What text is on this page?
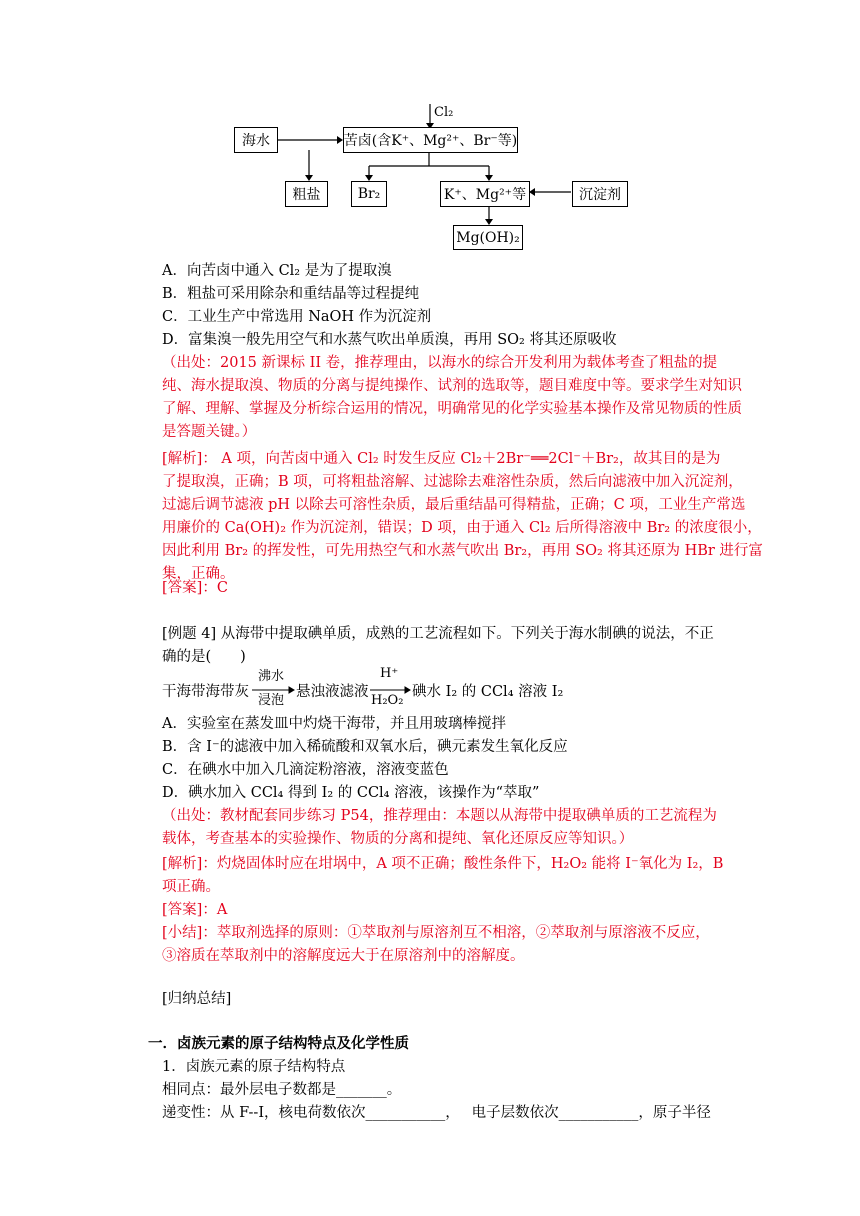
Cl₂
海水	苦卤(含K⁺、Mg²⁺、Br⁻等)
粗盐	Br₂	K⁺、Mg²⁺等	沉淀剂
Mg(OH)₂
A．向苦卤中通入 Cl₂ 是为了提取溴
B．粗盐可采用除杂和重结晶等过程提纯
C．工业生产中常选用 NaOH 作为沉淀剂
D．富集溴一般先用空气和水蒸气吹出单质溴，再用 SO₂ 将其还原吸收
（出处：2015 新课标 II 卷，推荐理由，以海水的综合开发利用为载体考查了粗盐的提
纯、海水提取溴、物质的分离与提纯操作、试剂的选取等，题目难度中等。要求学生对知识
了解、理解、掌握及分析综合运用的情况，明确常见的化学实验基本操作及常见物质的性质
是答题关键。）
[解析]： A 项，向苦卤中通入 Cl₂ 时发生反应 Cl₂＋2Br⁻══2Cl⁻＋Br₂，故其目的是为
了提取溴，正确；B 项，可将粗盐溶解、过滤除去难溶性杂质，然后向滤液中加入沉淀剂，
过滤后调节滤液 pH 以除去可溶性杂质，最后重结晶可得精盐，正确；C 项，工业生产常选
用廉价的 Ca(OH)₂ 作为沉淀剂，错误；D 项，由于通入 Cl₂ 后所得溶液中 Br₂ 的浓度很小，
因此利用 Br₂ 的挥发性，可先用热空气和水蒸气吹出 Br₂，再用 SO₂ 将其还原为 HBr 进行富
集，正确。
[答案]：C
[例题 4] 从海带中提取碘单质，成熟的工艺流程如下。下列关于海水制碘的说法，不正
确的是(　　)
沸水
浸泡
H⁺
H₂O₂
干海带海带灰	悬浊液滤液	碘水 I₂ 的 CCl₄ 溶液 I₂
A．实验室在蒸发皿中灼烧干海带，并且用玻璃棒搅拌
B．含 I⁻的滤液中加入稀硫酸和双氧水后，碘元素发生氧化反应
C．在碘水中加入几滴淀粉溶液，溶液变蓝色
D．碘水加入 CCl₄ 得到 I₂ 的 CCl₄ 溶液，该操作为“萃取”
（出处：教材配套同步练习 P54，推荐理由：本题以从海带中提取碘单质的工艺流程为
载体，考查基本的实验操作、物质的分离和提纯、氧化还原反应等知识。）
[解析]：灼烧固体时应在坩埚中，A 项不正确；酸性条件下，H₂O₂ 能将 I⁻氧化为 I₂，B
项正确。
[答案]：A
[小结]：萃取剂选择的原则：①萃取剂与原溶剂互不相溶，②萃取剂与原溶液不反应，
③溶质在萃取剂中的溶解度远大于在原溶剂中的溶解度。
[归纳总结]
一．卤族元素的原子结构特点及化学性质
1．卤族元素的原子结构特点
相同点：最外层电子数都是_______。
递变性：从 F--I，核电荷数依次___________，　 电子层数依次___________，原子半径
